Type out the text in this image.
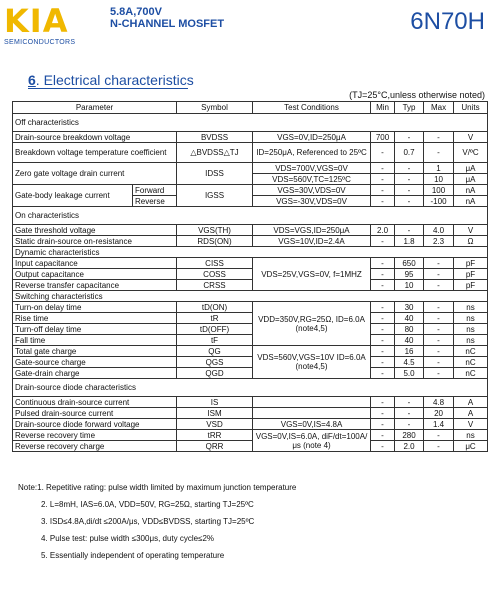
KIA
SEMICONDUCTORS
5.8A,700V
N-CHANNEL MOSFET	6N70H
6. Electrical characteristics
(TJ=25°C,unless otherwise noted)
Parameter		Symbol	Test Conditions	Min	Typ	Max	Units
Off characteristics							
Drain-source breakdown voltage		BVDSS	VGS=0V,ID=250μA	700	-	-	V
Breakdown voltage temperature coefficient		△BVDSS△TJ	ID=250μA, Referenced to 25ºC	-	0.7	-	V/ºC
Zero gate voltage drain current		IDSS	VDS=700V,VGS=0V	-	-	1	μA
			VDS=560V,TC=125ºC	-	-	10	μA
Gate-body leakage current	Forward	IGSS	VGS=30V,VDS=0V	-	-	100	nA
	Reverse		VGS=-30V,VDS=0V	-	-	-100	nA
On characteristics							
Gate threshold voltage		VGS(TH)	VDS=VGS,ID=250μA	2.0	-	4.0	V
Static drain-source on-resistance		RDS(ON)	VGS=10V,ID=2.4A	-	1.8	2.3	Ω
Dynamic characteristics							
Input capacitance		CISS	VDS=25V,VGS=0V, f=1MHZ	-	650	-	pF
Output capacitance		COSS		-	95	-	pF
Reverse transfer capacitance		CRSS		-	10	-	pF
Switching characteristics							
Turn-on delay time		tD(ON)	VDD=350V,RG=25Ω, ID=6.0A (note4,5)	-	30	-	ns
Rise time		tR		-	40	-	ns
Turn-off delay time		tD(OFF)		-	80	-	ns
Fall time		tF		-	40	-	ns
Total gate charge		QG	VDS=560V,VGS=10V ID=6.0A (note4,5)	-	16	-	nC
Gate-source charge		QGS		-	4.5	-	nC
Gate-drain charge		QGD		-	5.0	-	nC
Drain-source diode characteristics							
Continuous drain-source current		IS		-	-	4.8	A
Pulsed drain-source current		ISM		-	-	20	A
Drain-source diode forward voltage		VSD	VGS=0V,IS=4.8A	-	-	1.4	V
Reverse recovery time		tRR	VGS=0V,IS=6.0A, diF/dt=100A/μs (note 4)	-	280	-	ns
Reverse recovery charge		QRR		-	2.0	-	μC
Note:1. Repetitive rating: pulse width limited by maximum junction temperature
2. L=8mH, IAS=6.0A, VDD=50V, RG=25Ω, starting TJ=25ºC
3. ISD≤4.8A,di/dt ≤200A/μs, VDD≤BVDSS, starting TJ=25ºC
4. Pulse test: pulse width ≤300μs, duty cycle≤2%
5. Essentially independent of operating temperature
